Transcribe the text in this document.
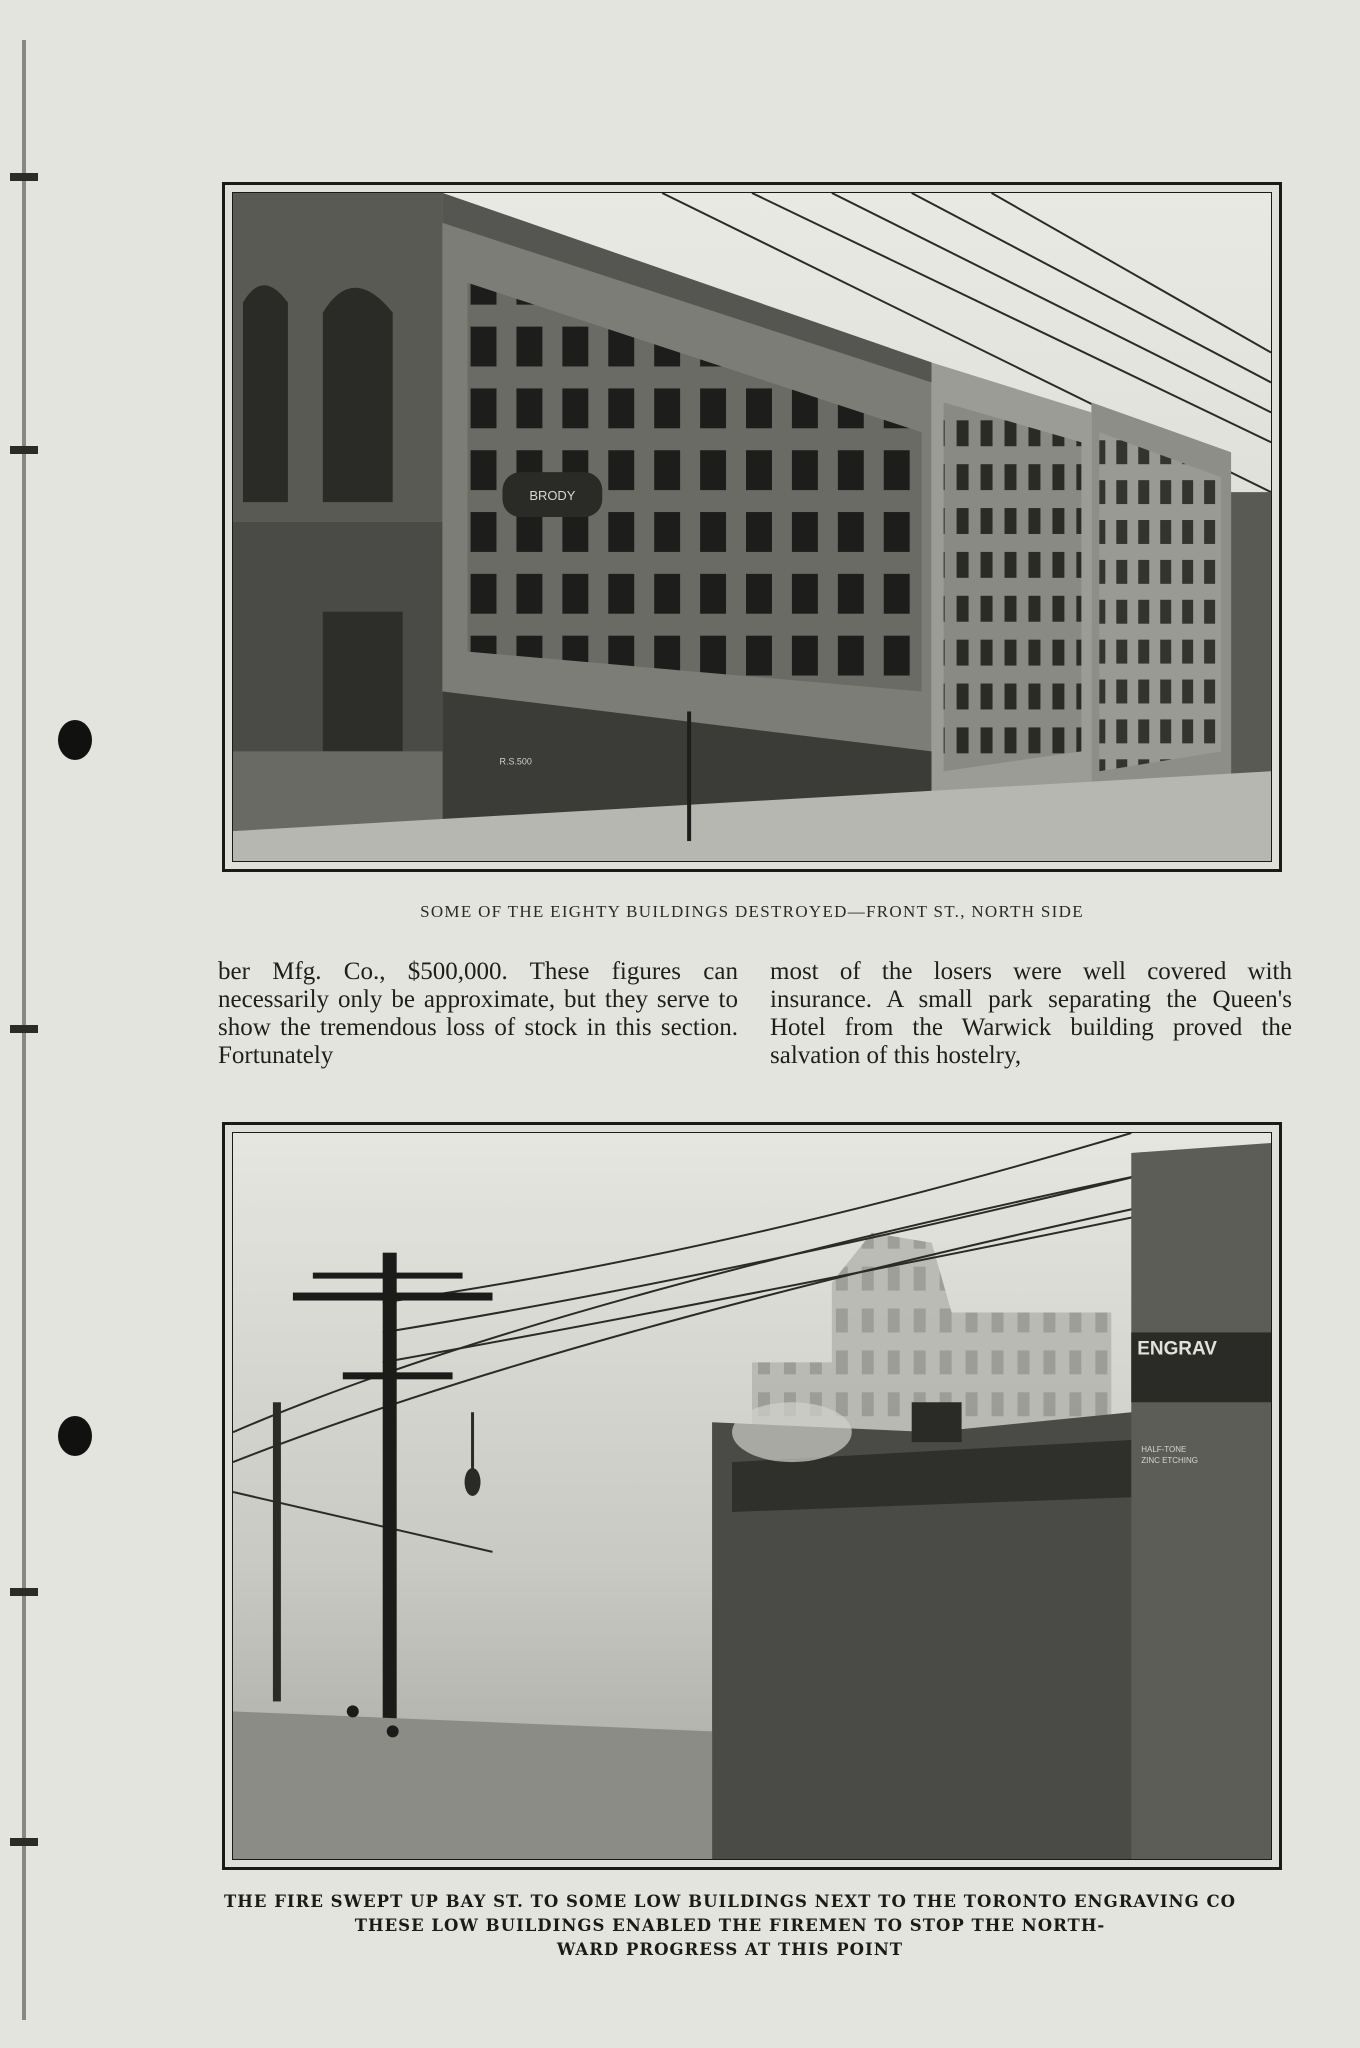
BRODY
R.S.500
SOME OF THE EIGHTY BUILDINGS DESTROYED—FRONT ST., NORTH SIDE

ber Mfg. Co., $500,000. These figures can necessarily only be approximate, but they serve to show the tremendous loss of stock in this section. Fortunately

most of the losers were well covered with insurance. A small park separating the Queen's Hotel from the Warwick building proved the salvation of this hostelry,

ENGRAV
HALF-TONE
ZINC ETCHING
THE FIRE SWEPT UP BAY ST. TO SOME LOW BUILDINGS NEXT TO THE TORONTO ENGRAVING CO
THESE LOW BUILDINGS ENABLED THE FIREMEN TO STOP THE NORTH-
WARD PROGRESS AT THIS POINT
